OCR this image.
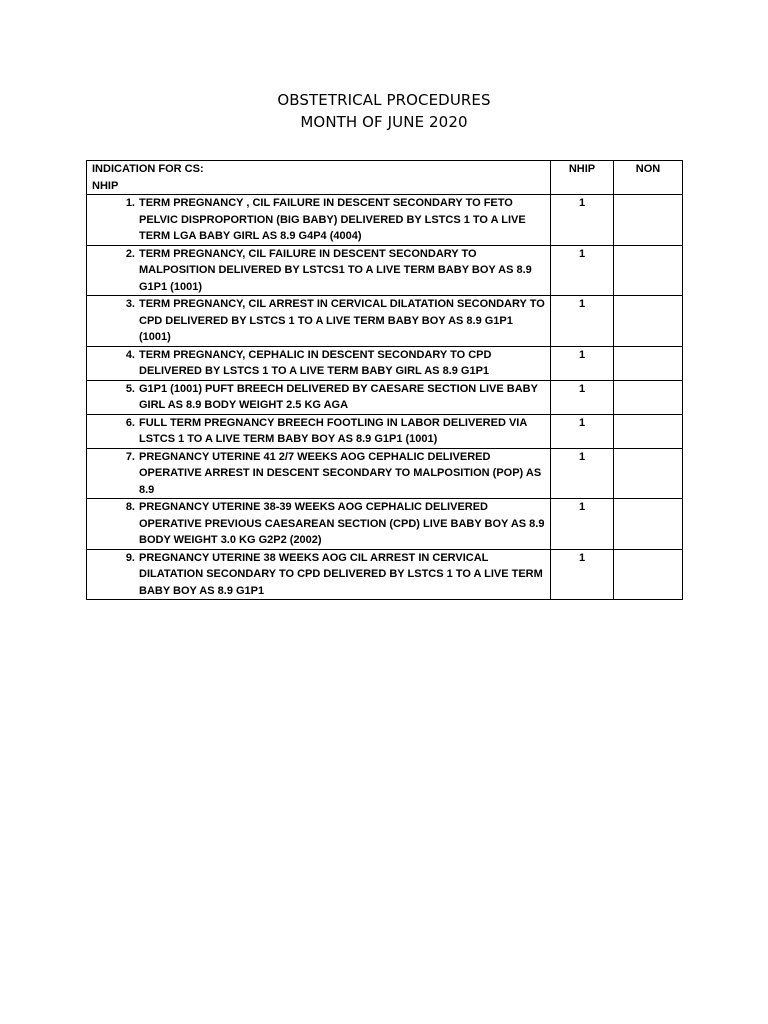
OBSTETRICAL PROCEDURES
MONTH OF JUNE 2020
INDICATION FOR CS:
NHIP	NHIP	NON

1. TERM PREGNANCY , CIL FAILURE IN DESCENT SECONDARY TO FETO PELVIC DISPROPORTION (BIG BABY) DELIVERED BY LSTCS 1 TO A LIVE TERM LGA BABY GIRL AS 8.9 G4P4 (4004)	1	

2. TERM PREGNANCY, CIL FAILURE IN DESCENT SECONDARY TO MALPOSITION DELIVERED BY LSTCS1 TO A LIVE TERM BABY BOY AS 8.9 G1P1 (1001)	1	

3. TERM PREGNANCY, CIL ARREST IN CERVICAL DILATATION SECONDARY TO CPD DELIVERED BY LSTCS 1 TO A LIVE TERM BABY BOY AS 8.9 G1P1 (1001)	1	

4. TERM PREGNANCY, CEPHALIC IN DESCENT SECONDARY TO CPD DELIVERED BY LSTCS 1 TO A LIVE TERM BABY GIRL AS 8.9 G1P1	1	

5. G1P1 (1001) PUFT BREECH DELIVERED BY CAESARE SECTION LIVE BABY GIRL AS 8.9 BODY WEIGHT 2.5 KG AGA	1	

6. FULL TERM PREGNANCY BREECH FOOTLING IN LABOR DELIVERED VIA LSTCS 1 TO A LIVE TERM BABY BOY AS 8.9 G1P1 (1001)	1	

7. PREGNANCY UTERINE 41 2/7 WEEKS AOG CEPHALIC DELIVERED OPERATIVE ARREST IN DESCENT SECONDARY TO MALPOSITION (POP) AS 8.9	1	

8. PREGNANCY UTERINE 38-39 WEEKS AOG CEPHALIC DELIVERED OPERATIVE PREVIOUS CAESAREAN SECTION (CPD) LIVE BABY BOY AS 8.9 BODY WEIGHT 3.0 KG G2P2 (2002)	1	

9. PREGNANCY UTERINE 38 WEEKS AOG CIL ARREST IN CERVICAL DILATATION SECONDARY TO CPD DELIVERED BY LSTCS 1 TO A LIVE TERM BABY BOY AS 8.9 G1P1	1	
